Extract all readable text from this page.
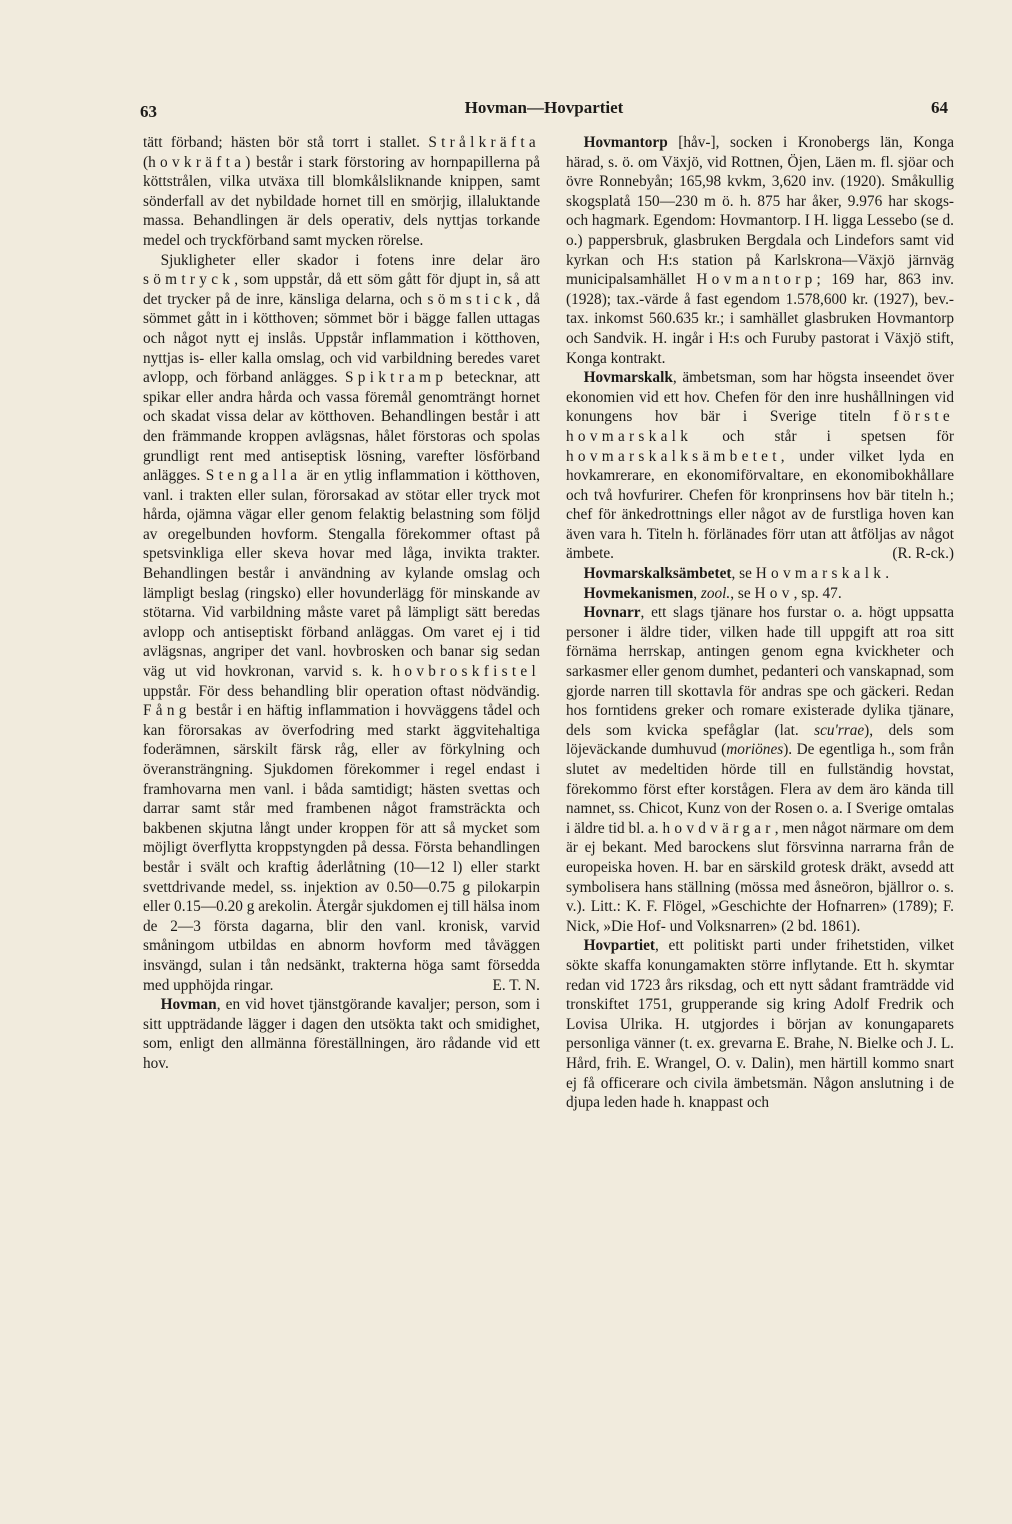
63	Hovman—Hovpartiet	64

tätt förband; hästen bör stå torrt i stallet. Strålkräfta (hovkräfta) består i stark förstoring av hornpapillerna på köttstrålen, vilka utväxa till blomkålsliknande knippen, samt sönderfall av det nybildade hornet till en smörjig, illaluktande massa. Behandlingen är dels operativ, dels nyttjas torkande medel och tryckförband samt mycken rörelse.

Sjukligheter eller skador i fotens inre delar äro sömtryck, som uppstår, då ett söm gått för djupt in, så att det trycker på de inre, känsliga delarna, och sömstick, då sömmet gått in i kötthoven; sömmet bör i bägge fallen uttagas och något nytt ej inslås. Uppstår inflammation i kötthoven, nyttjas is- eller kalla omslag, och vid varbildning beredes varet avlopp, och förband anlägges. Spiktramp betecknar, att spikar eller andra hårda och vassa föremål genomträngt hornet och skadat vissa delar av kötthoven. Behandlingen består i att den främmande kroppen avlägsnas, hålet förstoras och spolas grundligt rent med antiseptisk lösning, varefter lösförband anlägges. Stengalla är en ytlig inflammation i kötthoven, vanl. i trakten eller sulan, förorsakad av stötar eller tryck mot hårda, ojämna vägar eller genom felaktig belastning som följd av oregelbunden hovform. Stengalla förekommer oftast på spetsvinkliga eller skeva hovar med låga, invikta trakter. Behandlingen består i användning av kylande omslag och lämpligt beslag (ringsko) eller hovunderlägg för minskande av stötarna. Vid varbildning måste varet på lämpligt sätt beredas avlopp och antiseptiskt förband anläggas. Om varet ej i tid avlägsnas, angriper det vanl. hovbrosken och banar sig sedan väg ut vid hovkronan, varvid s. k. hovbroskfistel uppstår. För dess behandling blir operation oftast nödvändig. Fång består i en häftig inflammation i hovväggens tådel och kan förorsakas av överfodring med starkt äggvitehaltiga foderämnen, särskilt färsk råg, eller av förkylning och överansträngning. Sjukdomen förekommer i regel endast i framhovarna men vanl. i båda samtidigt; hästen svettas och darrar samt står med frambenen något framsträckta och bakbenen skjutna långt under kroppen för att så mycket som möjligt överflytta kroppstyngden på dessa. Första behandlingen består i svält och kraftig åderlåtning (10—12 l) eller starkt svettdrivande medel, ss. injektion av 0.50—0.75 g pilokarpin eller 0.15—0.20 g arekolin. Återgår sjukdomen ej till hälsa inom de 2—3 första dagarna, blir den vanl. kronisk, varvid småningom utbildas en abnorm hovform med tåväggen insvängd, sulan i tån nedsänkt, trakterna höga samt försedda med upphöjda ringar.	E. T. N.

Hovman, en vid hovet tjänstgörande kavaljer; person, som i sitt uppträdande lägger i dagen den utsökta takt och smidighet, som, enligt den allmänna föreställningen, äro rådande vid ett hov.

Hovmantorp [håv-], socken i Kronobergs län, Konga härad, s. ö. om Växjö, vid Rottnen, Öjen, Läen m. fl. sjöar och övre Ronnebyån; 165,98 kvkm, 3,620 inv. (1920). Småkullig skogsplatå 150—230 m ö. h. 875 har åker, 9.976 har skogs- och hagmark. Egendom: Hovmantorp. I H. ligga Lessebo (se d. o.) pappersbruk, glasbruken Bergdala och Lindefors samt vid kyrkan och H:s station på Karlskrona—Växjö järnväg municipalsamhället Hovmantorp; 169 har, 863 inv. (1928); tax.-värde å fast egendom 1.578,600 kr. (1927), bev.-tax. inkomst 560.635 kr.; i samhället glasbruken Hovmantorp och Sandvik. H. ingår i H:s och Furuby pastorat i Växjö stift, Konga kontrakt.

Hovmarskalk, ämbetsman, som har högsta inseendet över ekonomien vid ett hov. Chefen för den inre hushållningen vid konungens hov bär i Sverige titeln förste hovmarskalk och står i spetsen för hovmarskalksämbetet, under vilket lyda en hovkamrerare, en ekonomiförvaltare, en ekonomibokhållare och två hovfurirer. Chefen för kronprinsens hov bär titeln h.; chef för änkedrottnings eller något av de furstliga hoven kan även vara h. Titeln h. förlänades förr utan att åtföljas av något ämbete.	(R. R-ck.)

Hovmarskalksämbetet, se Hovmarskalk.

Hovmekanismen, zool., se Hov, sp. 47.

Hovnarr, ett slags tjänare hos furstar o. a. högt uppsatta personer i äldre tider, vilken hade till uppgift att roa sitt förnäma herrskap, antingen genom egna kvickheter och sarkasmer eller genom dumhet, pedanteri och vanskapnad, som gjorde narren till skottavla för andras spe och gäckeri. Redan hos forntidens greker och romare existerade dylika tjänare, dels som kvicka spefåglar (lat. scu'rrae), dels som löjeväckande dumhuvud (moriönes). De egentliga h., som från slutet av medeltiden hörde till en fullständig hovstat, förekommo först efter korstågen. Flera av dem äro kända till namnet, ss. Chicot, Kunz von der Rosen o. a. I Sverige omtalas i äldre tid bl. a. hovdvärgar, men något närmare om dem är ej bekant. Med barockens slut försvinna narrarna från de europeiska hoven. H. bar en särskild grotesk dräkt, avsedd att symbolisera hans ställning (mössa med åsneöron, bjällror o. s. v.). Litt.: K. F. Flögel, »Geschichte der Hofnarren» (1789); F. Nick, »Die Hof- und Volksnarren» (2 bd. 1861).

Hovpartiet, ett politiskt parti under frihetstiden, vilket sökte skaffa konungamakten större inflytande. Ett h. skymtar redan vid 1723 års riksdag, och ett nytt sådant framträdde vid tronskiftet 1751, grupperande sig kring Adolf Fredrik och Lovisa Ulrika. H. utgjordes i början av konungaparets personliga vänner (t. ex. grevarna E. Brahe, N. Bielke och J. L. Hård, frih. E. Wrangel, O. v. Dalin), men härtill kommo snart ej få officerare och civila ämbetsmän. Någon anslutning i de djupa leden hade h. knappast och
